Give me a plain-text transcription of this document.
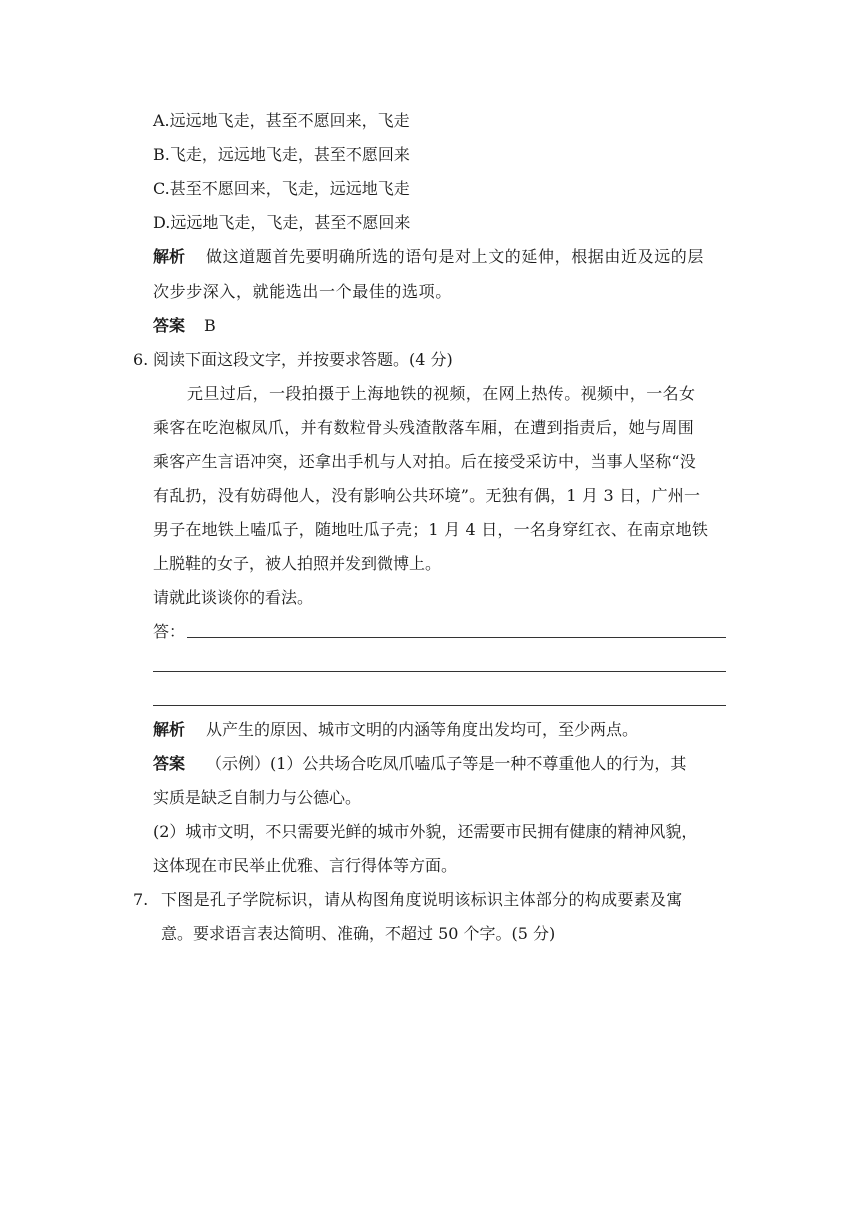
A.远远地飞走，甚至不愿回来，飞走
B.飞走，远远地飞走，甚至不愿回来
C.甚至不愿回来，飞走，远远地飞走
D.远远地飞走，飞走，甚至不愿回来
解析 做这道题首先要明确所选的语句是对上文的延伸，根据由近及远的层
次步步深入，就能选出一个最佳的选项。
答案 B
6. 阅读下面这段文字，并按要求答题。(4 分)
元旦过后，一段拍摄于上海地铁的视频，在网上热传。视频中，一名女
乘客在吃泡椒凤爪，并有数粒骨头残渣散落车厢，在遭到指责后，她与周围
乘客产生言语冲突，还拿出手机与人对拍。后在接受采访中，当事人坚称“没
有乱扔，没有妨碍他人，没有影响公共环境”。无独有偶，1 月 3 日，广州一
男子在地铁上嗑瓜子，随地吐瓜子壳；1 月 4 日，一名身穿红衣、在南京地铁
上脱鞋的女子，被人拍照并发到微博上。
请就此谈谈你的看法。
答：
解析 从产生的原因、城市文明的内涵等角度出发均可，至少两点。
答案 （示例）(1）公共场合吃凤爪嗑瓜子等是一种不尊重他人的行为，其
实质是缺乏自制力与公德心。
(2）城市文明，不只需要光鲜的城市外貌，还需要市民拥有健康的精神风貌，
这体现在市民举止优雅、言行得体等方面。
7. 下图是孔子学院标识，请从构图角度说明该标识主体部分的构成要素及寓
意。要求语言表达简明、准确，不超过 50 个字。(5 分)
